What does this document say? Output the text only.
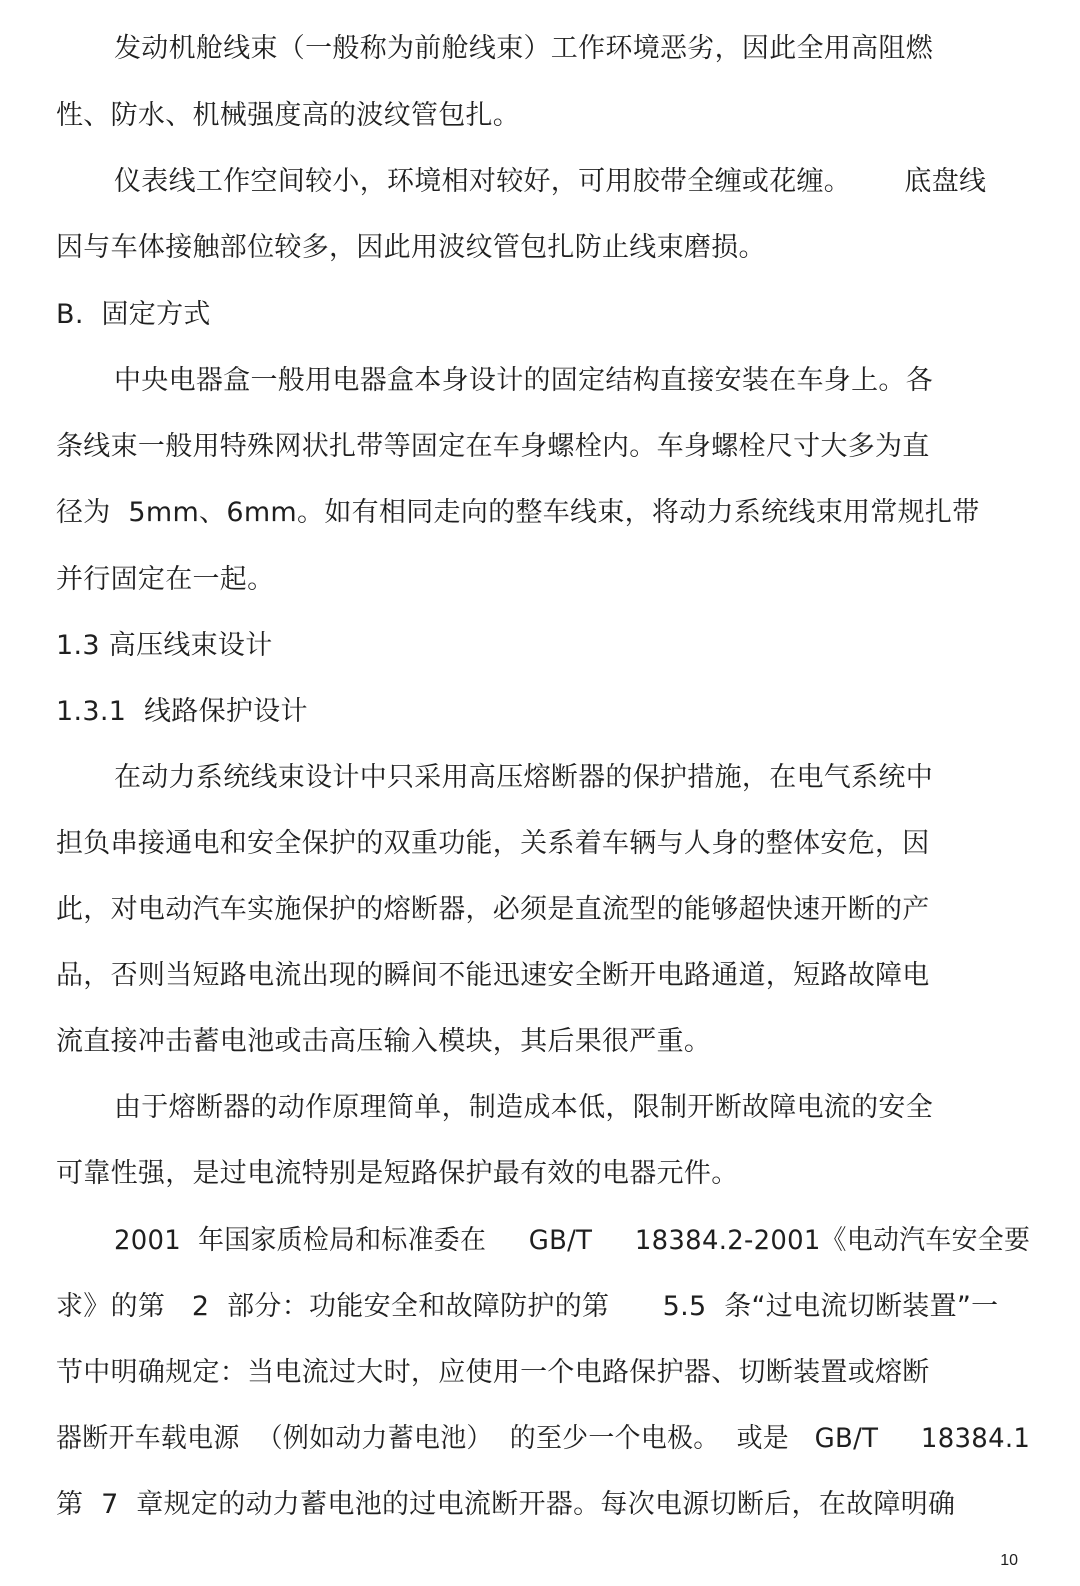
发动机舱线束（一般称为前舱线束）工作环境恶劣，因此全用高阻燃
性、防水、机械强度高的波纹管包扎。
仪表线工作空间较小，环境相对较好，可用胶带全缠或花缠。      底盘线
因与车体接触部位较多，因此用波纹管包扎防止线束磨损。
B.  固定方式
中央电器盒一般用电器盒本身设计的固定结构直接安装在车身上。各
条线束一般用特殊网状扎带等固定在车身螺栓内。车身螺栓尺寸大多为直
径为  5mm、6mm。如有相同走向的整车线束，将动力系统线束用常规扎带
并行固定在一起。
1.3 高压线束设计
1.3.1  线路保护设计
在动力系统线束设计中只采用高压熔断器的保护措施，在电气系统中
担负串接通电和安全保护的双重功能，关系着车辆与人身的整体安危，因
此，对电动汽车实施保护的熔断器，必须是直流型的能够超快速开断的产
品，否则当短路电流出现的瞬间不能迅速安全断开电路通道，短路故障电
流直接冲击蓄电池或击高压输入模块，其后果很严重。
由于熔断器的动作原理简单，制造成本低，限制开断故障电流的安全
可靠性强，是过电流特别是短路保护最有效的电器元件。
2001  年国家质检局和标准委在     GB/T     18384.2-2001《电动汽车安全要
求》的第   2  部分：功能安全和故障防护的第      5.5  条“过电流切断装置”一
节中明确规定：当电流过大时，应使用一个电路保护器、切断装置或熔断
器断开车载电源  （例如动力蓄电池）  的至少一个电极。  或是   GB/T     18384.1
第  7  章规定的动力蓄电池的过电流断开器。每次电源切断后，在故障明确
10
